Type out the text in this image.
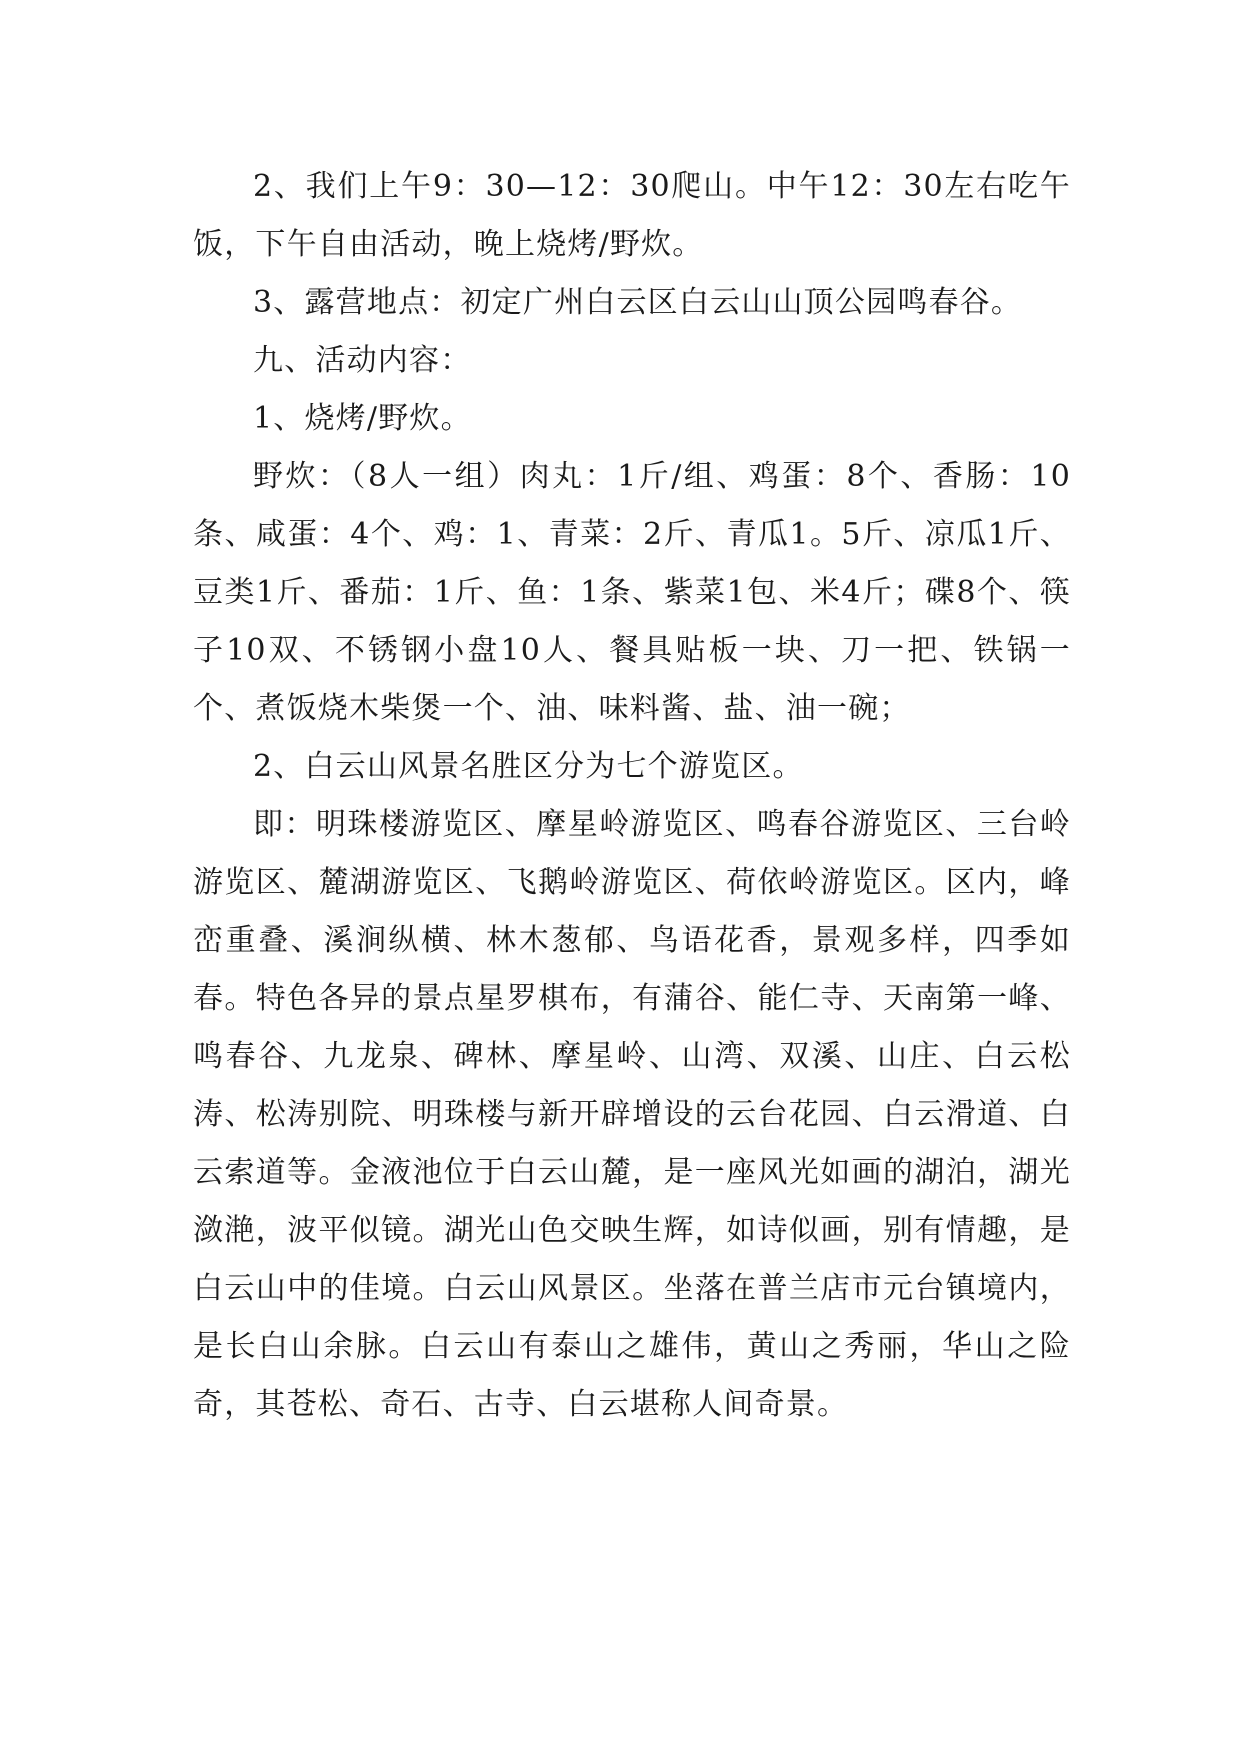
2、我们上午9：30—12：30爬山。中午12：30左右吃午饭，下午自由活动，晚上烧烤/野炊。

3、露营地点：初定广州白云区白云山山顶公园鸣春谷。

九、活动内容：

1、烧烤/野炊。

野炊：（8人一组）肉丸：1斤/组、鸡蛋：8个、香肠：10条、咸蛋：4个、鸡：1、青菜：2斤、青瓜1。5斤、凉瓜1斤、豆类1斤、番茄：1斤、鱼：1条、紫菜1包、米4斤；碟8个、筷子10双、不锈钢小盘10人、餐具贴板一块、刀一把、铁锅一个、煮饭烧木柴煲一个、油、味料酱、盐、油一碗；

2、白云山风景名胜区分为七个游览区。

即：明珠楼游览区、摩星岭游览区、鸣春谷游览区、三台岭游览区、麓湖游览区、飞鹅岭游览区、荷依岭游览区。区内，峰峦重叠、溪涧纵横、林木葱郁、鸟语花香，景观多样，四季如春。特色各异的景点星罗棋布，有蒲谷、能仁寺、天南第一峰、鸣春谷、九龙泉、碑林、摩星岭、山湾、双溪、山庄、白云松涛、松涛别院、明珠楼与新开辟增设的云台花园、白云滑道、白云索道等。金液池位于白云山麓，是一座风光如画的湖泊，湖光潋滟，波平似镜。湖光山色交映生辉，如诗似画，别有情趣，是白云山中的佳境。白云山风景区。坐落在普兰店市元台镇境内，是长白山余脉。白云山有泰山之雄伟，黄山之秀丽，华山之险奇，其苍松、奇石、古寺、白云堪称人间奇景。
